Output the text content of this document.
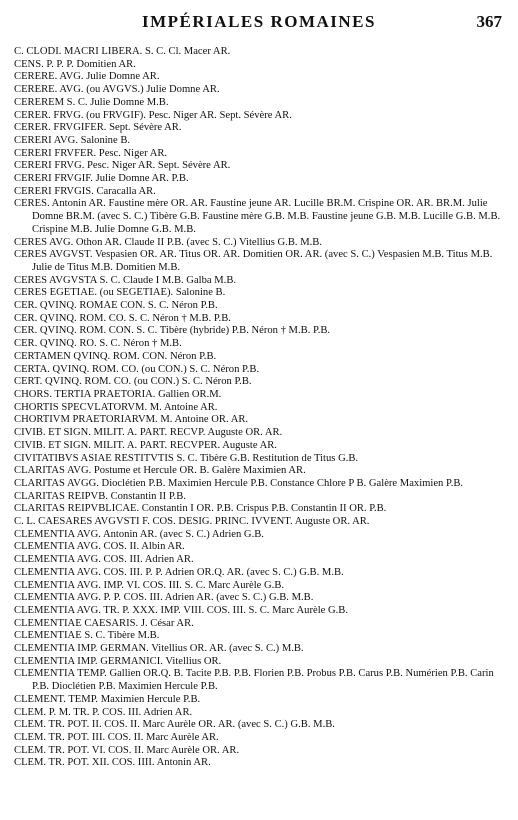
IMPÉRIALES ROMAINES	367
C. CLODI. MACRI LIBERA. S. C. Cl. Macer AR.
CENS. P. P. P. Domitien AR.
CERERE. AVG. Julie Domne AR.
CERERE. AVG. (ou AVGVS.) Julie Domne AR.
CEREREM S. C. Julie Domne M.B.
CERER. FRVG. (ou FRVGIF). Pesc. Niger AR. Sept. Sévère AR.
CERER. FRVGIFER. Sept. Sévère AR.
CERERI AVG. Salonine B.
CERERI FRVFER. Pesc. Niger AR.
CERERI FRVG. Pesc. Niger AR. Sept. Sévère AR.
CERERI FRVGIF. Julie Domne AR. P.B.
CERERI FRVGIS. Caracalla AR.
CERES. Antonin AR. Faustine mère OR. AR. Faustine jeune AR. Lucille BR.M. Crispine OR. AR. BR.M. Julie Domne BR.M. (avec S. C.) Tibère G.B. Faustine mère G.B. M.B. Faustine jeune G.B. M.B. Lucille G.B. M.B. Crispine M.B. Julie Domne G.B. M.B.
CERES AVG. Othon AR. Claude II P.B. (avec S. C.) Vitellius G.B. M.B.
CERES AVGVST. Vespasien OR. AR. Titus OR. AR. Domitien OR. AR. (avec S. C.) Vespasien M.B. Titus M.B. Julie de Titus M.B. Domitien M.B.
CERES AVGVSTA S. C. Claude I M.B. Galba M.B.
CERES EGETIAE. (ou SEGETIAE). Salonine B.
CER. QVINQ. ROMAE CON. S. C. Néron P.B.
CER. QVINQ. ROM. CO. S. C. Néron † M.B. P.B.
CER. QVINQ. ROM. CON. S. C. Tibère (hybride) P.B. Néron † M.B. P.B.
CER. QVINQ. RO. S. C. Néron † M.B.
CERTAMEN QVINQ. ROM. CON. Néron P.B.
CERTA. QVINQ. ROM. CO. (ou CON.) S. C. Néron P.B.
CERT. QVINQ. ROM. CO. (ou CON.) S. C. Néron P.B.
CHORS. TERTIA PRAETORIA. Gallien OR.M.
CHORTIS SPECVLATORVM. M. Antoine AR.
CHORTIVM PRAETORIARVM. M. Antoine OR. AR.
CIVIB. ET SIGN. MILIT. A. PART. RECVP. Auguste OR. AR.
CIVIB. ET SIGN. MILIT. A. PART. RECVPER. Auguste AR.
CIVITATIBVS ASIAE RESTITVTIS S. C. Tibère G.B. Restitution de Titus G.B.
CLARITAS AVG. Postume et Hercule OR. B. Galère Maximien AR.
CLARITAS AVGG. Dioclétien P.B. Maximien Hercule P.B. Constance Chlore P B. Galère Maximien P.B.
CLARITAS REIPVB. Constantin II P.B.
CLARITAS REIPVBLICAE. Constantin I OR. P.B. Crispus P.B. Constantin II OR. P.B.
C. L. CAESARES AVGVSTI F. COS. DESIG. PRINC. IVVENT. Auguste OR. AR.
CLEMENTIA AVG. Antonin AR. (avec S. C.) Adrien G.B.
CLEMENTIA AVG. COS. II. Albin AR.
CLEMENTIA AVG. COS. III. Adrien AR.
CLEMENTIA AVG. COS. III. P. P. Adrien OR.Q. AR. (avec S. C.) G.B. M.B.
CLEMENTIA AVG. IMP. VI. COS. III. S. C. Marc Aurèle G.B.
CLEMENTIA AVG. P. P. COS. III. Adrien AR. (avec S. C.) G.B. M.B.
CLEMENTIA AVG. TR. P. XXX. IMP. VIII. COS. III. S. C. Marc Aurèle G.B.
CLEMENTIAE CAESARIS. J. César AR.
CLEMENTIAE S. C. Tibère M.B.
CLEMENTIA IMP. GERMAN. Vitellius OR. AR. (avec S. C.) M.B.
CLEMENTIA IMP. GERMANICI. Vitellius OR.
CLEMENTIA TEMP. Gallien OR.Q. B. Tacite P.B. P.B. Florien P.B. Probus P.B. Carus P.B. Numérien P.B. Carin P.B. Dioclétien P.B. Maximien Hercule P.B.
CLEMENT. TEMP. Maximien Hercule P.B.
CLEM. P. M. TR. P. COS. III. Adrien AR.
CLEM. TR. POT. II. COS. II. Marc Aurèle OR. AR. (avec S. C.) G.B. M.B.
CLEM. TR. POT. III. COS. II. Marc Aurèle AR.
CLEM. TR. POT. VI. COS. II. Marc Aurèle OR. AR.
CLEM. TR. POT. XII. COS. IIII. Antonin AR.
